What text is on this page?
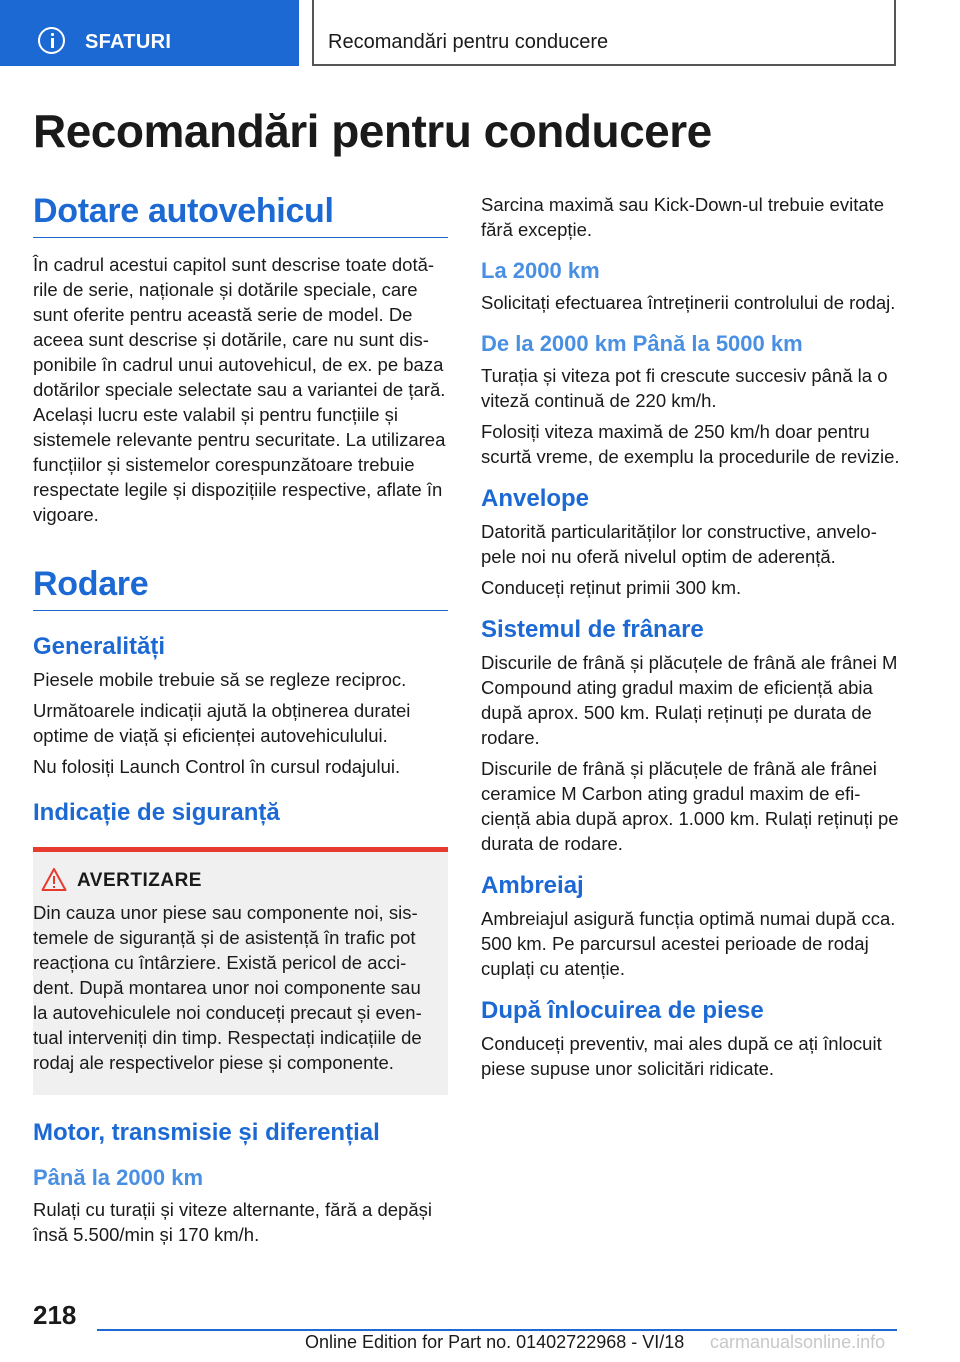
SFATURI	Recomandări pentru conducere
Recomandări pentru conducere
Dotare autovehicul

În cadrul acestui capitol sunt descrise toate dotările de serie, naționale și dotările speciale, care sunt oferite pentru această serie de model. De aceea sunt descrise și dotările, care nu sunt disponibile în cadrul unui autovehicul, de ex. pe baza dotărilor speciale selectate sau a variantei de țară. Același lucru este valabil și pentru funcțiile și sistemele relevante pentru securitate. La utilizarea funcțiilor și sistemelor corespunzătoare trebuie respectate legile și dispozițiile respective, aflate în vigoare.

Rodare
Generalități

Piesele mobile trebuie să se regleze reciproc.

Următoarele indicații ajută la obținerea duratei optime de viață și eficienței autovehiculului.

Nu folosiți Launch Control în cursul rodajului.

Indicație de siguranță
AVERTIZARE

Din cauza unor piese sau componente noi, sistemele de siguranță și de asistență în trafic pot reacționa cu întârziere. Există pericol de accident. După montarea unor noi componente sau la autovehiculele noi conduceți precaut și eventual interveniți din timp. Respectați indicațiile de rodaj ale respectivelor piese și componente.

Motor, transmisie și diferențial
Până la 2000 km

Rulați cu turații și viteze alternante, fără a depăși însă 5.500/min și 170 km/h.

Sarcina maximă sau Kick-Down-ul trebuie evitate fără excepție.

La 2000 km

Solicitați efectuarea întreținerii controlului de rodaj.

De la 2000 km Până la 5000 km

Turația și viteza pot fi crescute succesiv până la o viteză continuă de 220 km/h.

Folosiți viteza maximă de 250 km/h doar pentru scurtă vreme, de exemplu la procedurile de revizie.

Anvelope

Datorită particularităților lor constructive, anvelopele noi nu oferă nivelul optim de aderență.

Conduceți reținut primii 300 km.

Sistemul de frânare

Discurile de frână și plăcuțele de frână ale frânei M Compound ating gradul maxim de eficiență abia după aprox. 500 km. Rulați reținuți pe durata de rodare.

Discurile de frână și plăcuțele de frână ale frânei ceramice M Carbon ating gradul maxim de eficiență abia după aprox. 1.000 km. Rulați reținuți pe durata de rodare.

Ambreiaj

Ambreiajul asigură funcția optimă numai după cca. 500 km. Pe parcursul acestei perioade de rodaj cuplați cu atenție.

După înlocuirea de piese

Conduceți preventiv, mai ales după ce ați înlocuit piese supuse unor solicitări ridicate.

218
Online Edition for Part no. 01402722968 - VI/18 carmanualsonline.info
